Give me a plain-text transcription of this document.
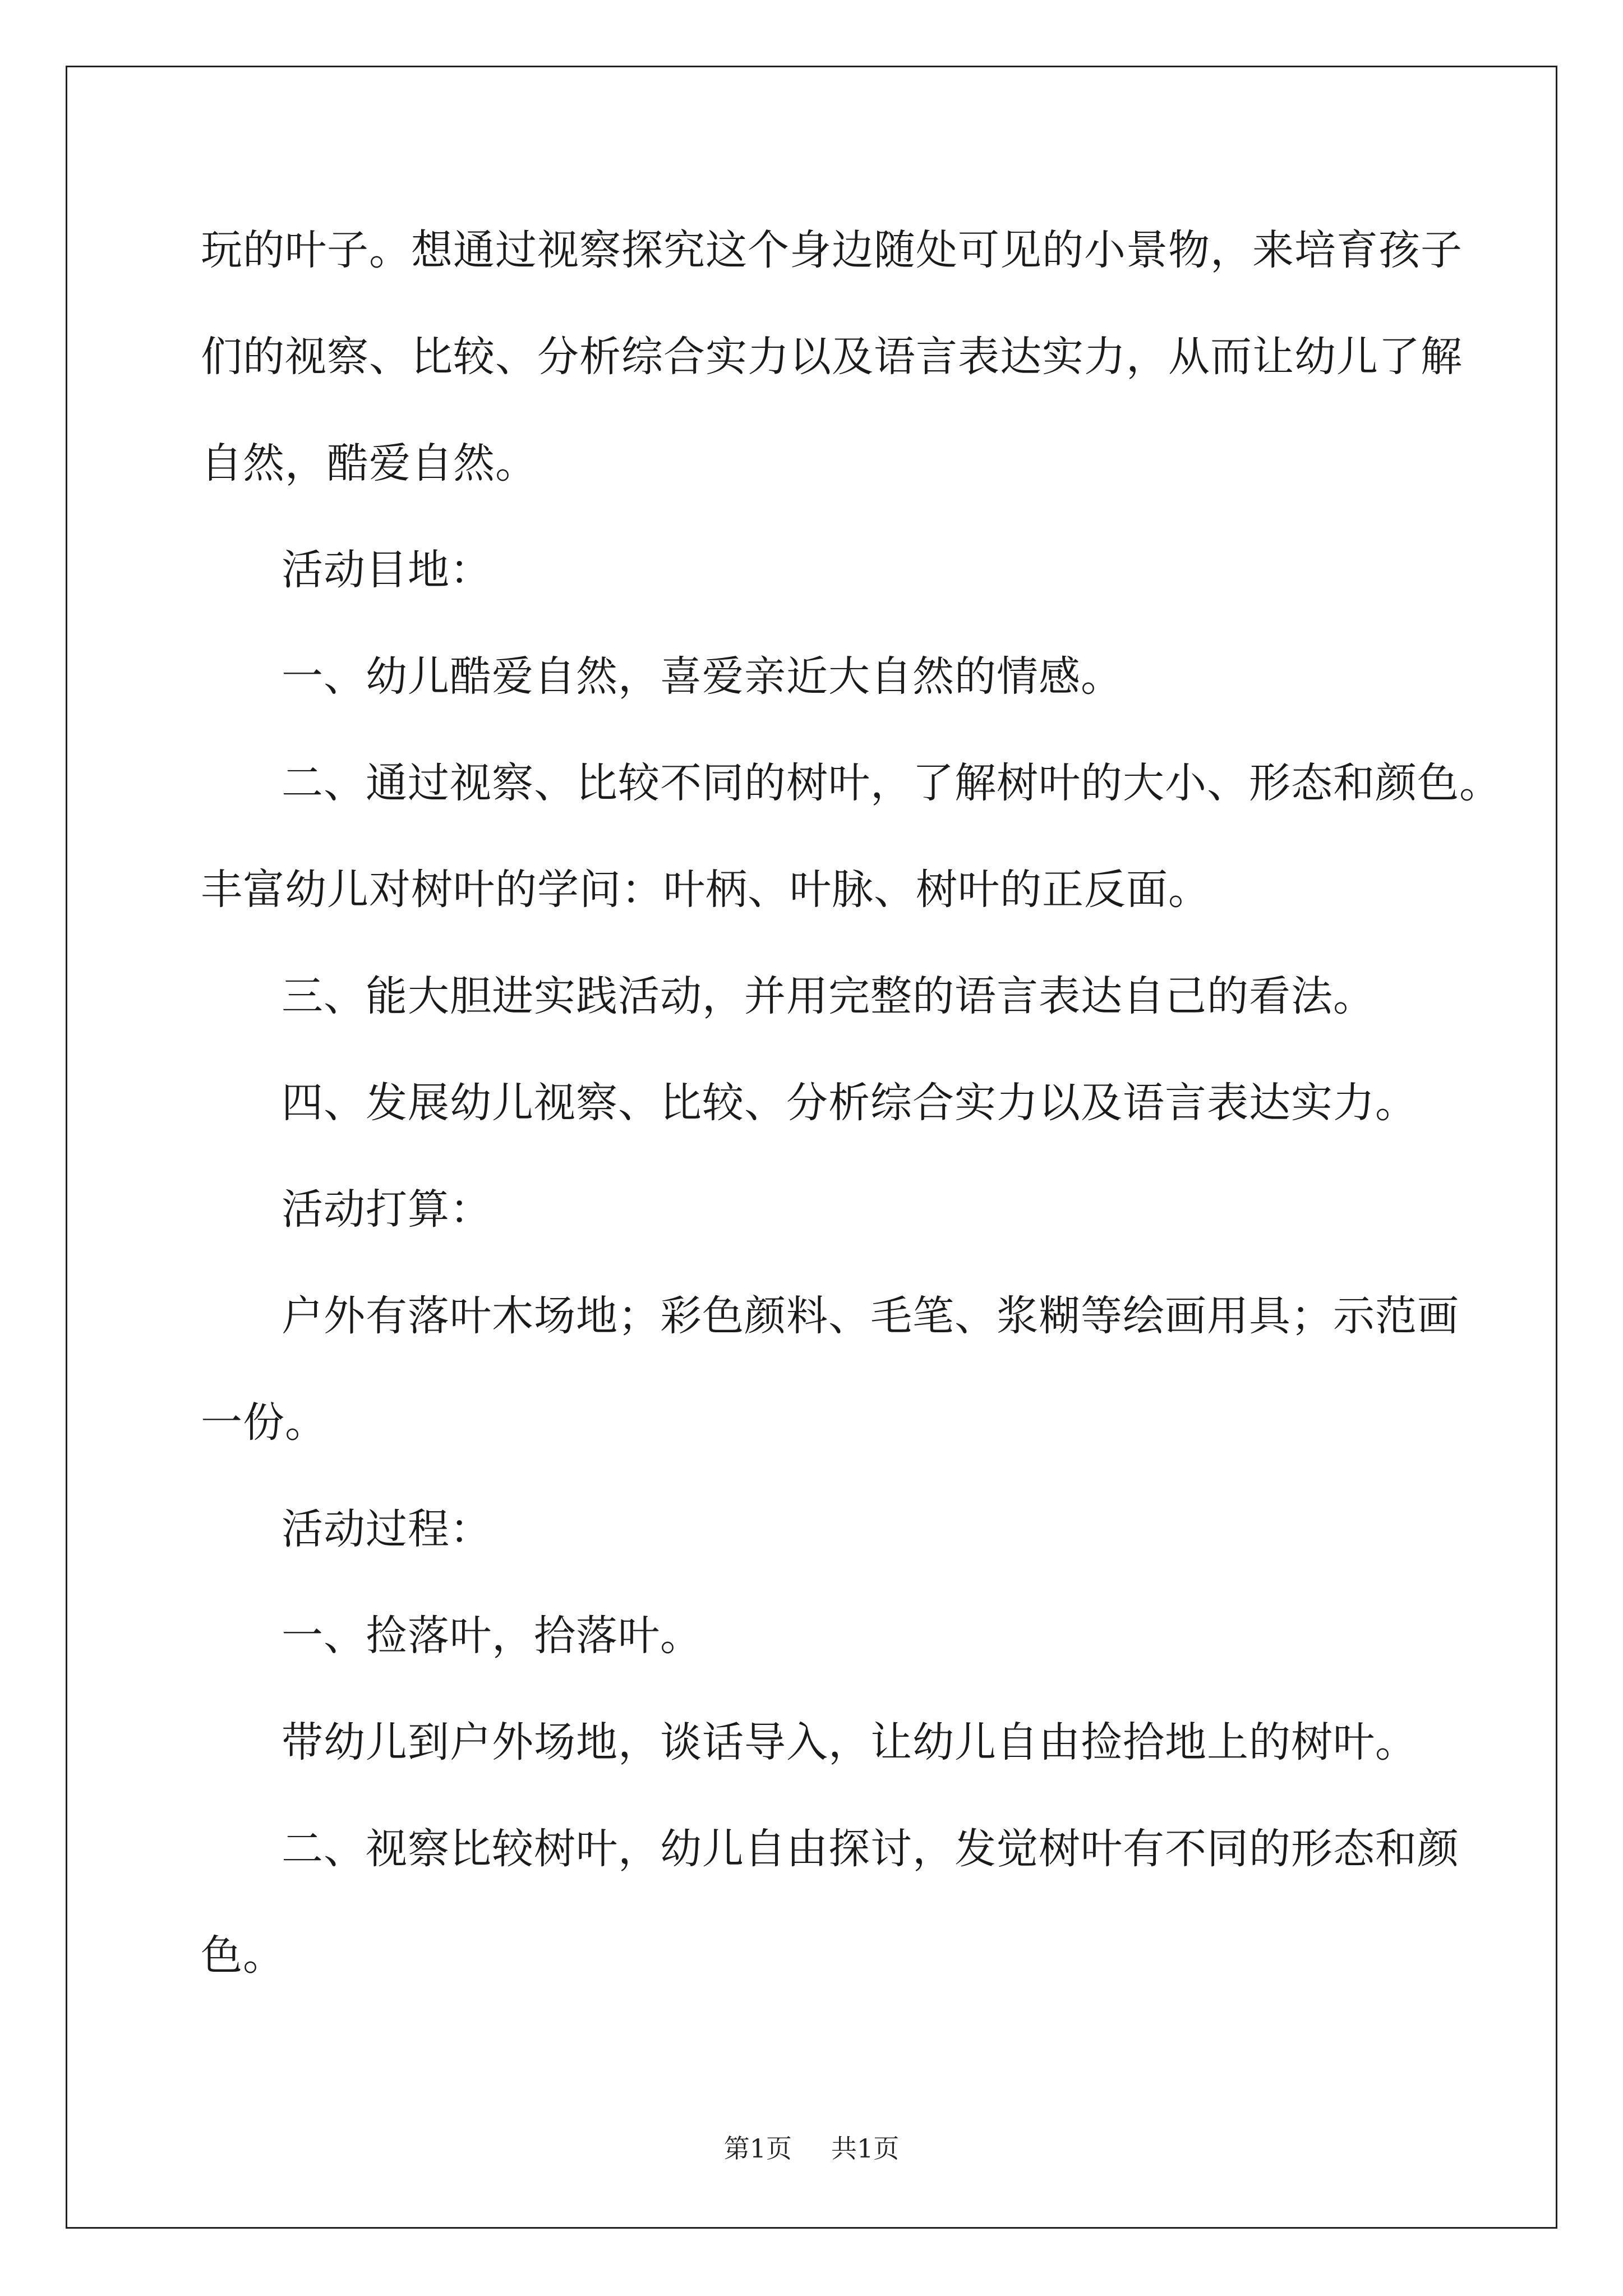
玩的叶子。想通过视察探究这个身边随处可见的小景物，来培育孩子
们的视察、比较、分析综合实力以及语言表达实力，从而让幼儿了解
自然，酷爱自然。
活动目地：
一、幼儿酷爱自然，喜爱亲近大自然的情感。
二、通过视察、比较不同的树叶，了解树叶的大小、形态和颜色。
丰富幼儿对树叶的学问：叶柄、叶脉、树叶的正反面。
三、能大胆进实践活动，并用完整的语言表达自己的看法。
四、发展幼儿视察、比较、分析综合实力以及语言表达实力。
活动打算：
户外有落叶木场地；彩色颜料、毛笔、浆糊等绘画用具；示范画
一份。
活动过程：
一、捡落叶，拾落叶。
带幼儿到户外场地，谈话导入，让幼儿自由捡拾地上的树叶。
二、视察比较树叶，幼儿自由探讨，发觉树叶有不同的形态和颜
色。
第1页 共1页
